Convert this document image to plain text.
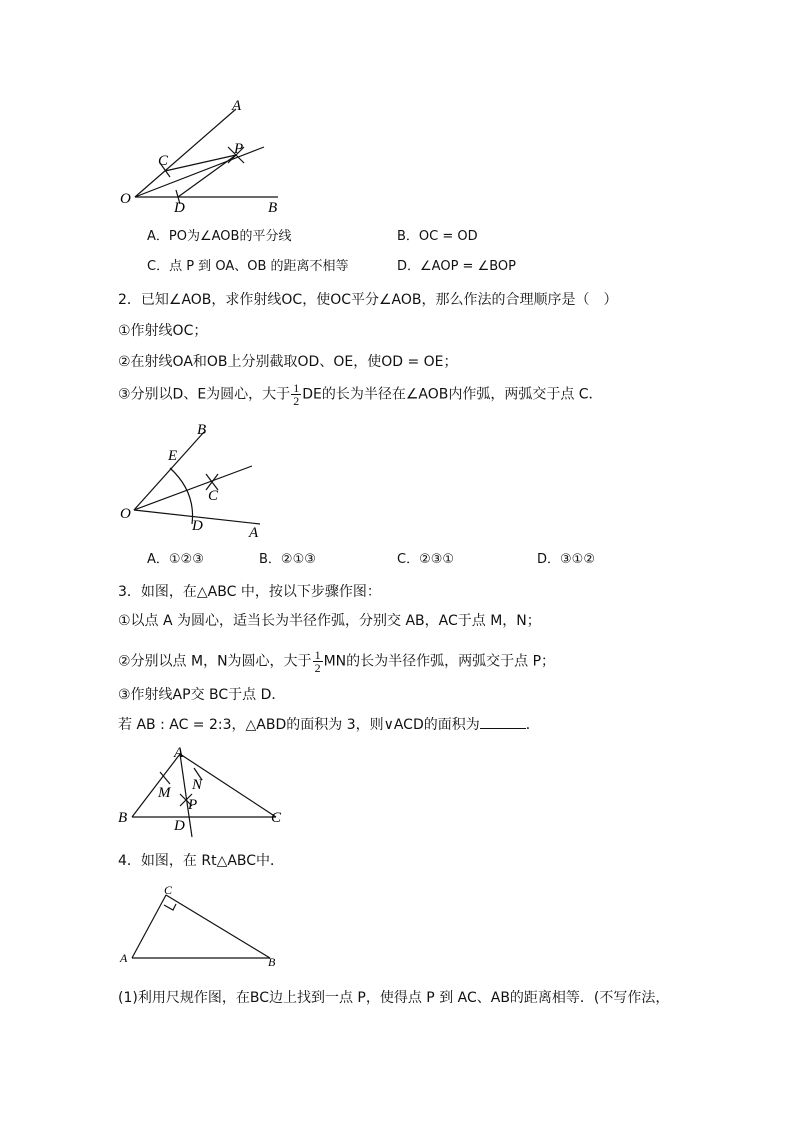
A
P
C
O
D	B
A．PO为∠AOB的平分线	B．OC = OD
C．点 P 到 OA、OB 的距离不相等	D．∠AOP = ∠BOP
2．已知∠AOB，求作射线OC，使OC平分∠AOB，那么作法的合理顺序是（　）
①作射线OC；
②在射线OA和OB上分别截取OD、OE，使OD = OE；
③分别以D、E为圆心，大于 $\frac{1}{2}$ DE的长为半径在∠AOB内作弧，两弧交于点 C．
B
E
C
O
D	A
A．①②③	B．②①③	C．②③①	D．③①②
3．如图，在△ABC 中，按以下步骤作图：
①以点 A 为圆心，适当长为半径作弧，分别交 AB，AC于点 M，N；
②分别以点 M，N为圆心，大于 $\frac{1}{2}$ MN的长为半径作弧，两弧交于点 P；
③作射线AP交 BC于点 D．
若 AB : AC = 2:3，△ABD的面积为 3，则∨ACD的面积为	．
A
N
M
P
B	D	C
4．如图，在 Rt△ABC中．
C
A	B
(1)利用尺规作图，在BC边上找到一点 P，使得点 P 到 AC、AB的距离相等．(不写作法，
